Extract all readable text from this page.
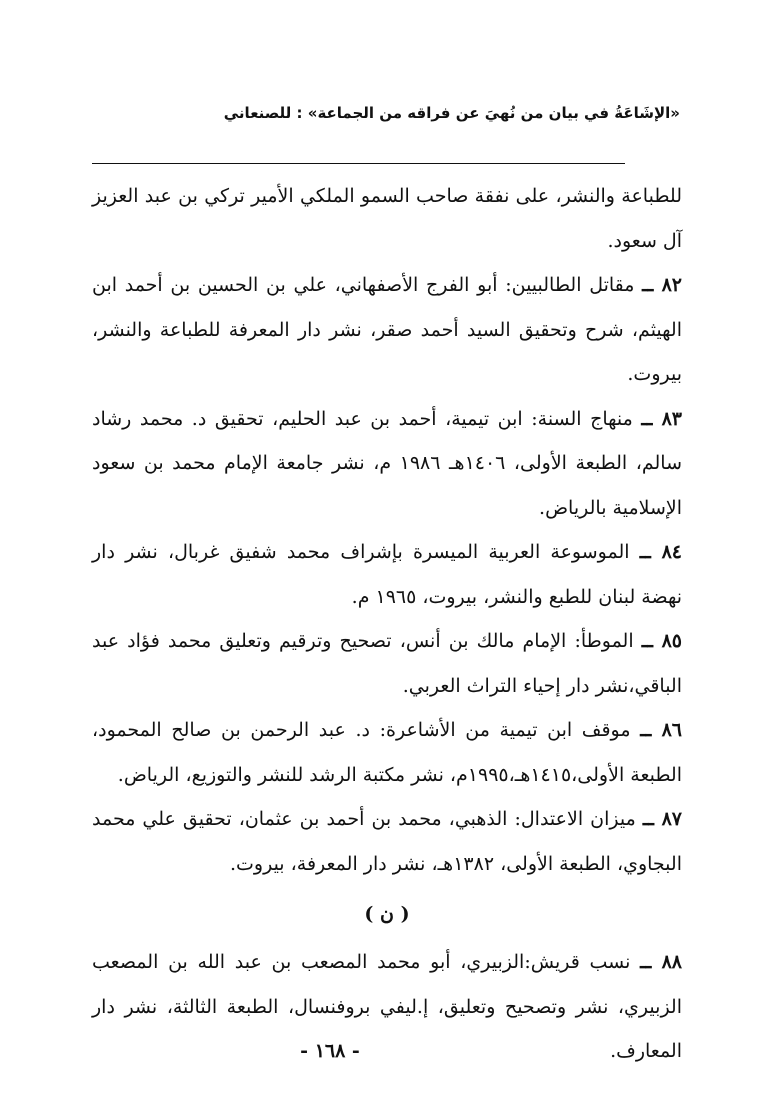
«الإشَاعَةُ في بيان من نُهيَ عن فراقه من الجماعة» : للصنعاني
للطباعة والنشر، على نفقة صاحب السمو الملكي الأمير تركي بن عبد العزيز آل سعود.
٨٢ ــ مقاتل الطالبيين: أبو الفرج الأصفهاني، علي بن الحسين بن أحمد ابن الهيثم، شرح وتحقيق السيد أحمد صقر، نشر دار المعرفة للطباعة والنشر، بيروت.
٨٣ ــ منهاج السنة: ابن تيمية، أحمد بن عبد الحليم، تحقيق د. محمد رشاد سالم، الطبعة الأولى، ١٤٠٦هـ ١٩٨٦ م، نشر جامعة الإمام محمد بن سعود الإسلامية بالرياض.
٨٤ ــ الموسوعة العربية الميسرة بإشراف محمد شفيق غربال، نشر دار نهضة لبنان للطبع والنشر، بيروت، ١٩٦٥ م.
٨٥ ــ الموطأ: الإمام مالك بن أنس، تصحيح وترقيم وتعليق محمد فؤاد عبد الباقي،نشر دار إحياء التراث العربي.
٨٦ ــ موقف ابن تيمية من الأشاعرة: د. عبد الرحمن بن صالح المحمود، الطبعة الأولى،١٤١٥هـ،١٩٩٥م، نشر مكتبة الرشد للنشر والتوزيع، الرياض.
٨٧ ــ ميزان الاعتدال: الذهبي، محمد بن أحمد بن عثمان، تحقيق علي محمد البجاوي، الطبعة الأولى، ١٣٨٢هـ، نشر دار المعرفة، بيروت.
( ن )
٨٨ ــ نسب قريش:الزبيري، أبو محمد المصعب بن عبد الله بن المصعب الزبيري، نشر وتصحيح وتعليق، إ.ليفي بروفنسال، الطبعة الثالثة، نشر دار المعارف.
- ١٦٨ -
